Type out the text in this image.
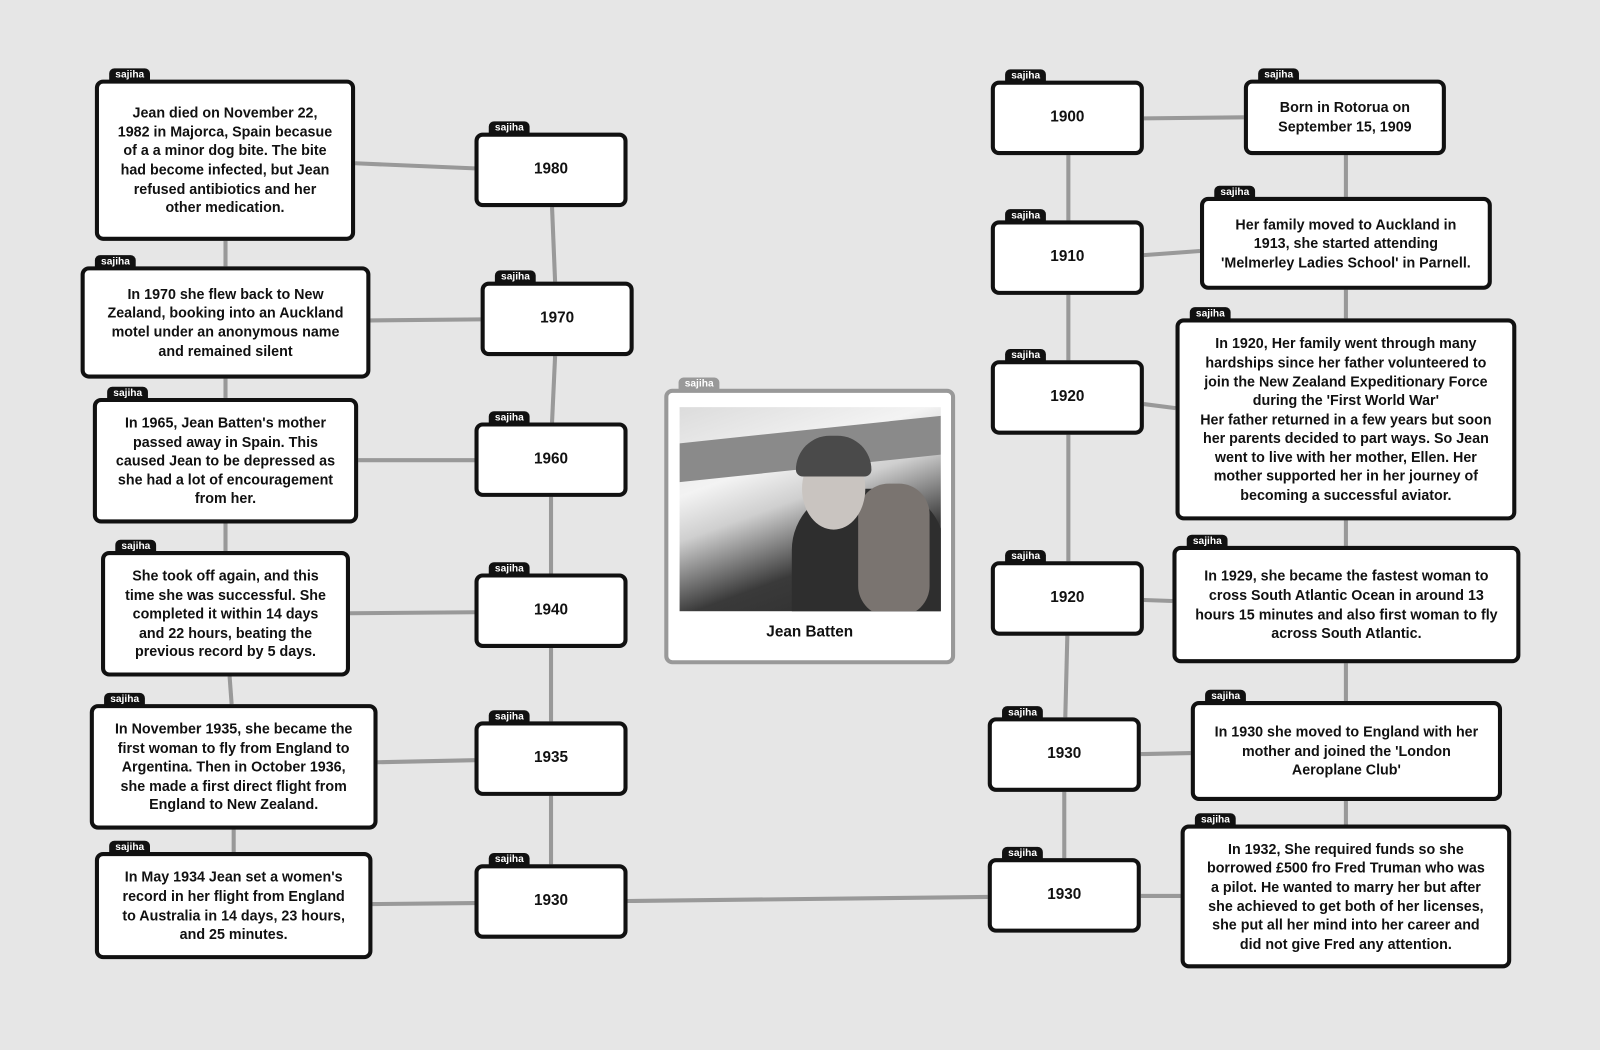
sajiha
Jean died on November 22,
1982 in Majorca, Spain becasue
of a a minor dog bite. The bite
had become infected, but Jean
refused antibiotics and her
other medication.
sajiha
In 1970 she flew back to New
Zealand, booking into an Auckland
motel under an anonymous name
and remained silent
sajiha
In 1965, Jean Batten's mother
passed away in Spain. This
caused Jean to be depressed as
she had a lot of encouragement
from her.
sajiha
She took off again, and this
time she was successful. She
completed it within 14 days
and 22 hours, beating the
previous record by 5 days.
sajiha
In November 1935, she became the
first woman to fly from England to
Argentina. Then in October 1936,
she made a first direct flight from
England to New Zealand.
sajiha
In May 1934 Jean set a women's
record in her flight from England
to Australia in 14 days, 23 hours,
and 25 minutes.
sajiha
1980
sajiha
1970
sajiha
1960
sajiha
1940
sajiha
1935
sajiha
1930
sajiha
Jean Batten
sajiha
1900
sajiha
1910
sajiha
1920
sajiha
1920
sajiha
1930
sajiha
1930
sajiha
Born in Rotorua on
September 15, 1909
sajiha
Her family moved to Auckland in
1913, she started attending
'Melmerley Ladies School' in Parnell.
sajiha
In 1920, Her family went through many
hardships since her father volunteered to
join the New Zealand Expeditionary Force
during the 'First World War'
Her father returned in a few years but soon
her parents decided to part ways. So Jean
went to live with her mother, Ellen. Her
mother supported her in her journey of
becoming a successful aviator.
sajiha
In 1929, she became the fastest woman to
cross South Atlantic Ocean in around 13
hours 15 minutes and also first woman to fly
across South Atlantic.
sajiha
In 1930 she moved to England with her
mother and joined the 'London
Aeroplane Club'
sajiha
In 1932, She required funds so she
borrowed £500 fro Fred Truman who was
a pilot. He wanted to marry her but after
she achieved to get both of her licenses,
she put all her mind into her career and
did not give Fred any attention.
